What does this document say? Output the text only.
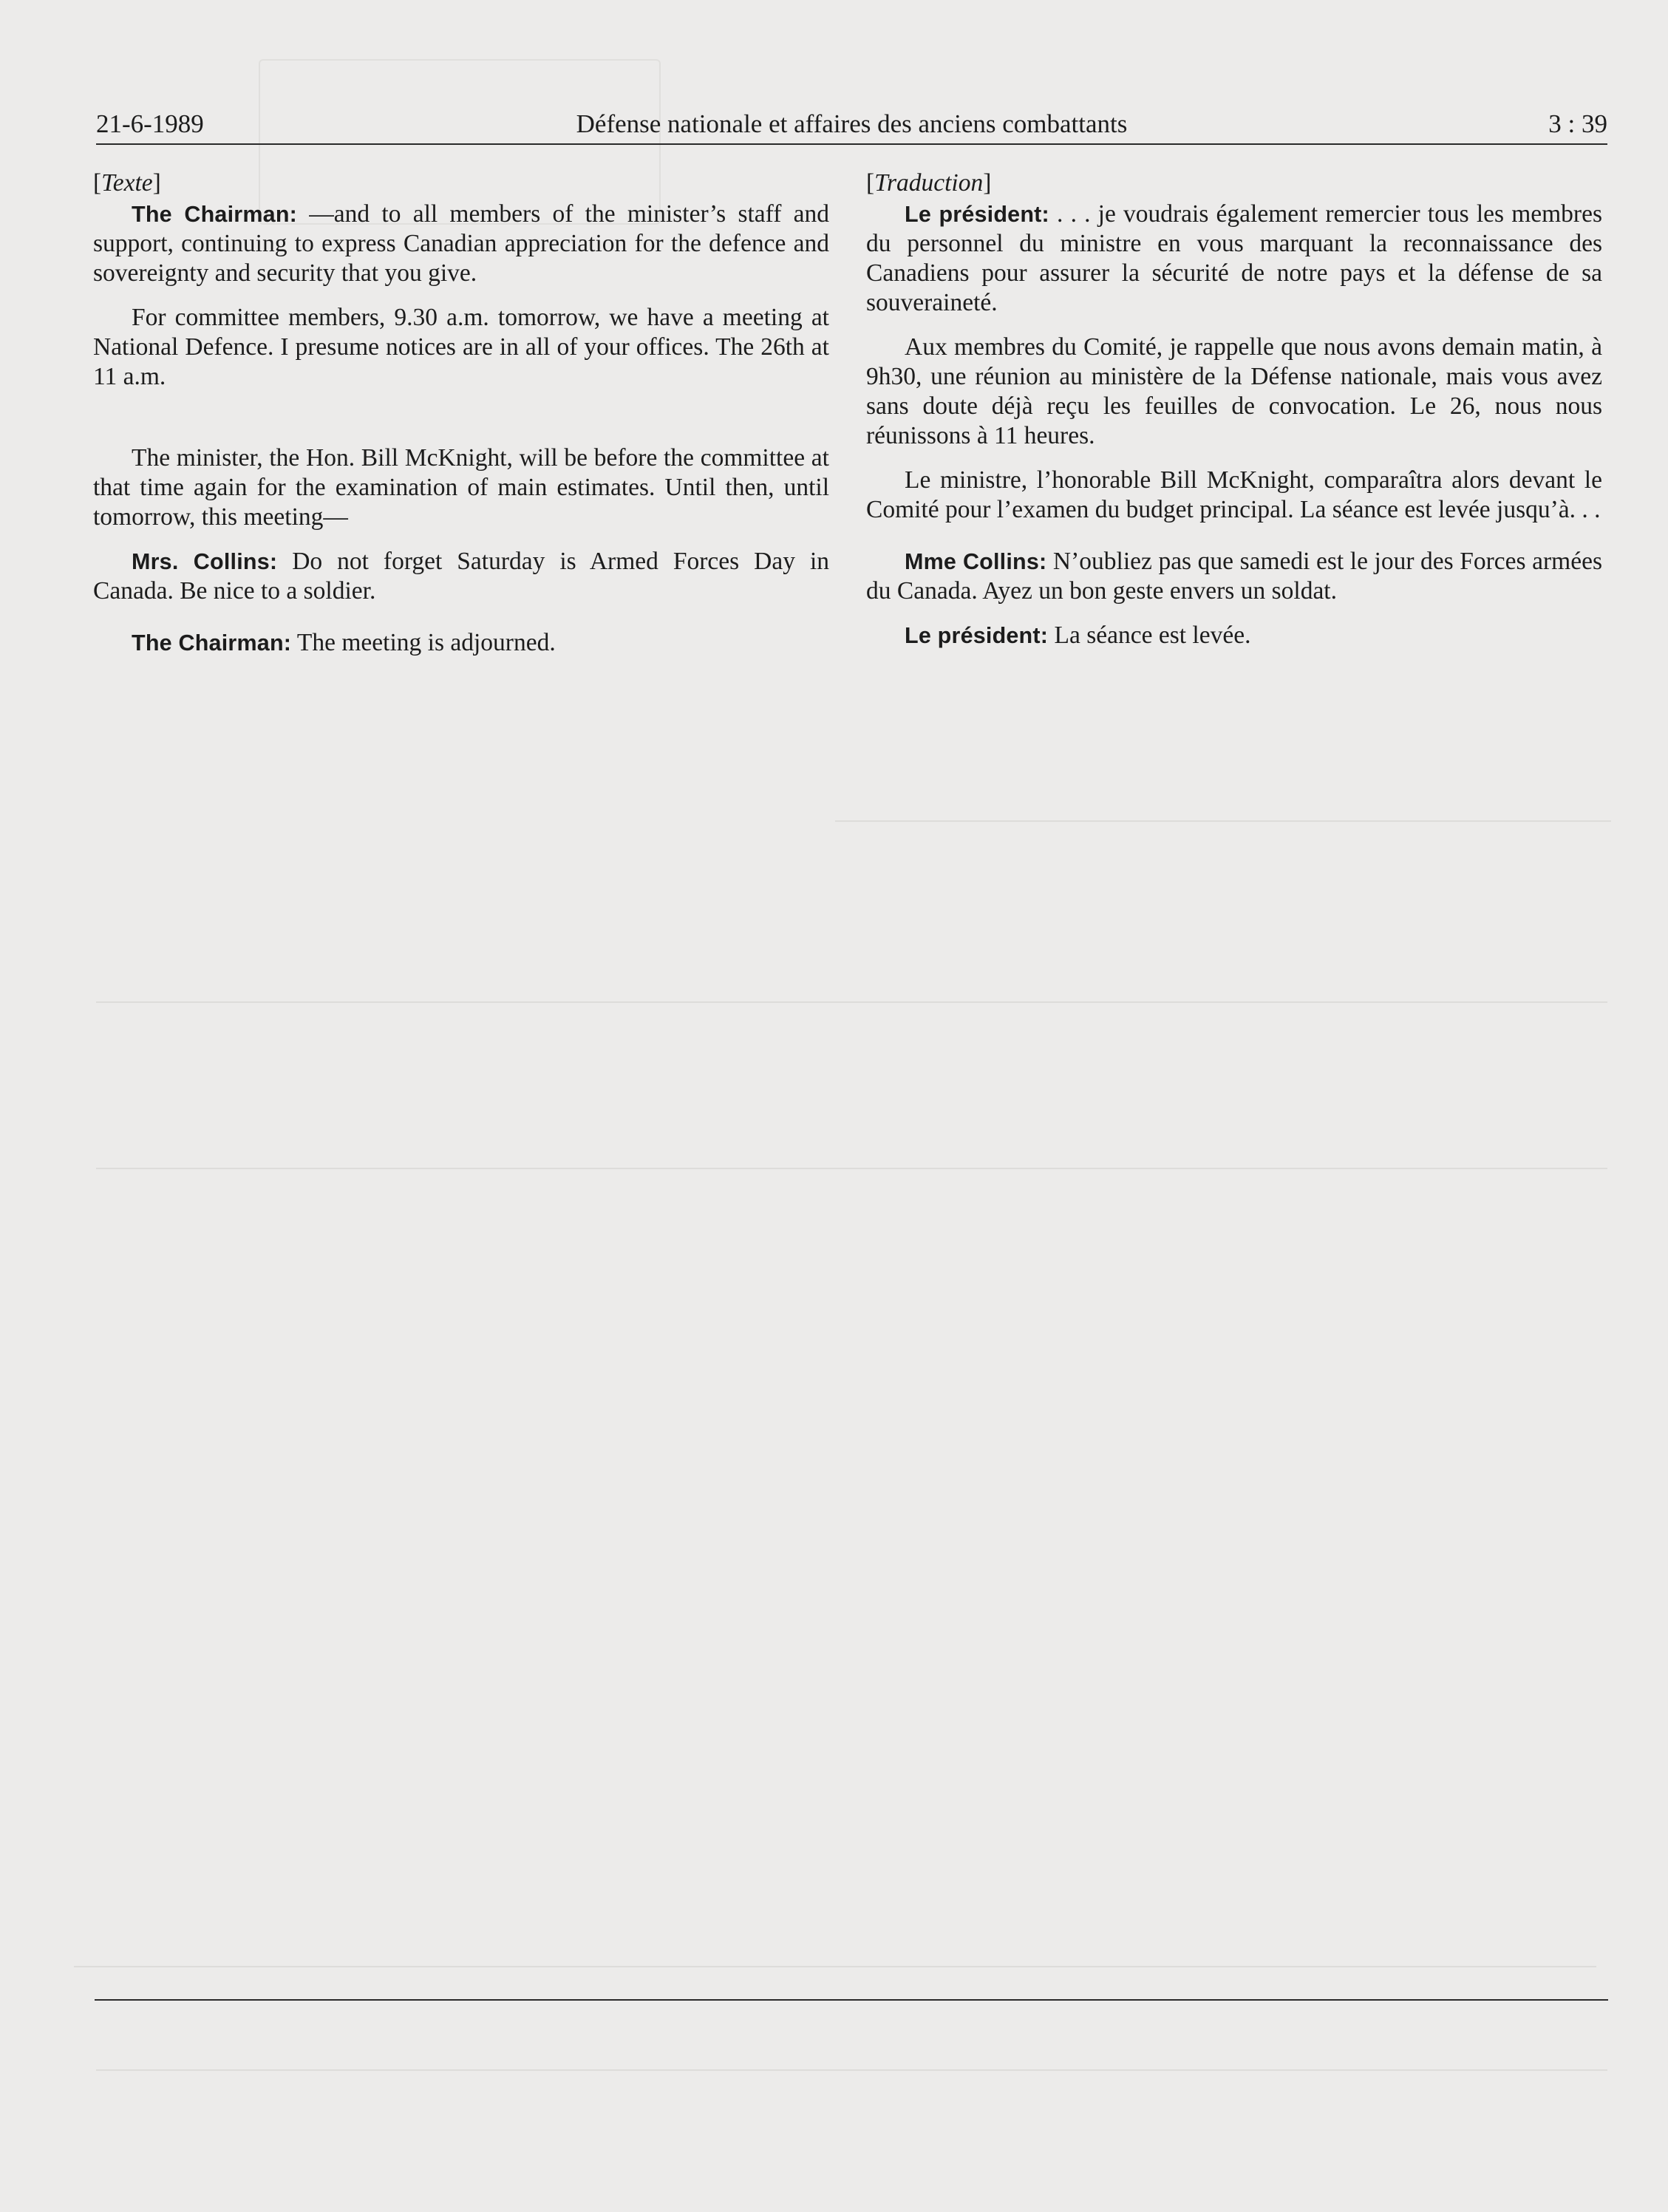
21-6-1989	Défense nationale et affaires des anciens combattants	3 : 39

[Texte]

The Chairman: —and to all members of the minister’s staff and support, continuing to express Canadian appreciation for the defence and sovereignty and security that you give.

For committee members, 9.30 a.m. tomorrow, we have a meeting at National Defence. I presume notices are in all of your offices. The 26th at 11 a.m.

The minister, the Hon. Bill McKnight, will be before the committee at that time again for the examination of main estimates. Until then, until tomorrow, this meeting—

Mrs. Collins: Do not forget Saturday is Armed Forces Day in Canada. Be nice to a soldier.

The Chairman: The meeting is adjourned.

[Traduction]

Le président: . . . je voudrais également remercier tous les membres du personnel du ministre en vous marquant la reconnaissance des Canadiens pour assurer la sécurité de notre pays et la défense de sa souveraineté.

Aux membres du Comité, je rappelle que nous avons demain matin, à 9h30, une réunion au ministère de la Défense nationale, mais vous avez sans doute déjà reçu les feuilles de convocation. Le 26, nous nous réunissons à 11 heures.

Le ministre, l’honorable Bill McKnight, comparaîtra alors devant le Comité pour l’examen du budget principal. La séance est levée jusqu’à. . .

Mme Collins: N’oubliez pas que samedi est le jour des Forces armées du Canada. Ayez un bon geste envers un soldat.

Le président: La séance est levée.
